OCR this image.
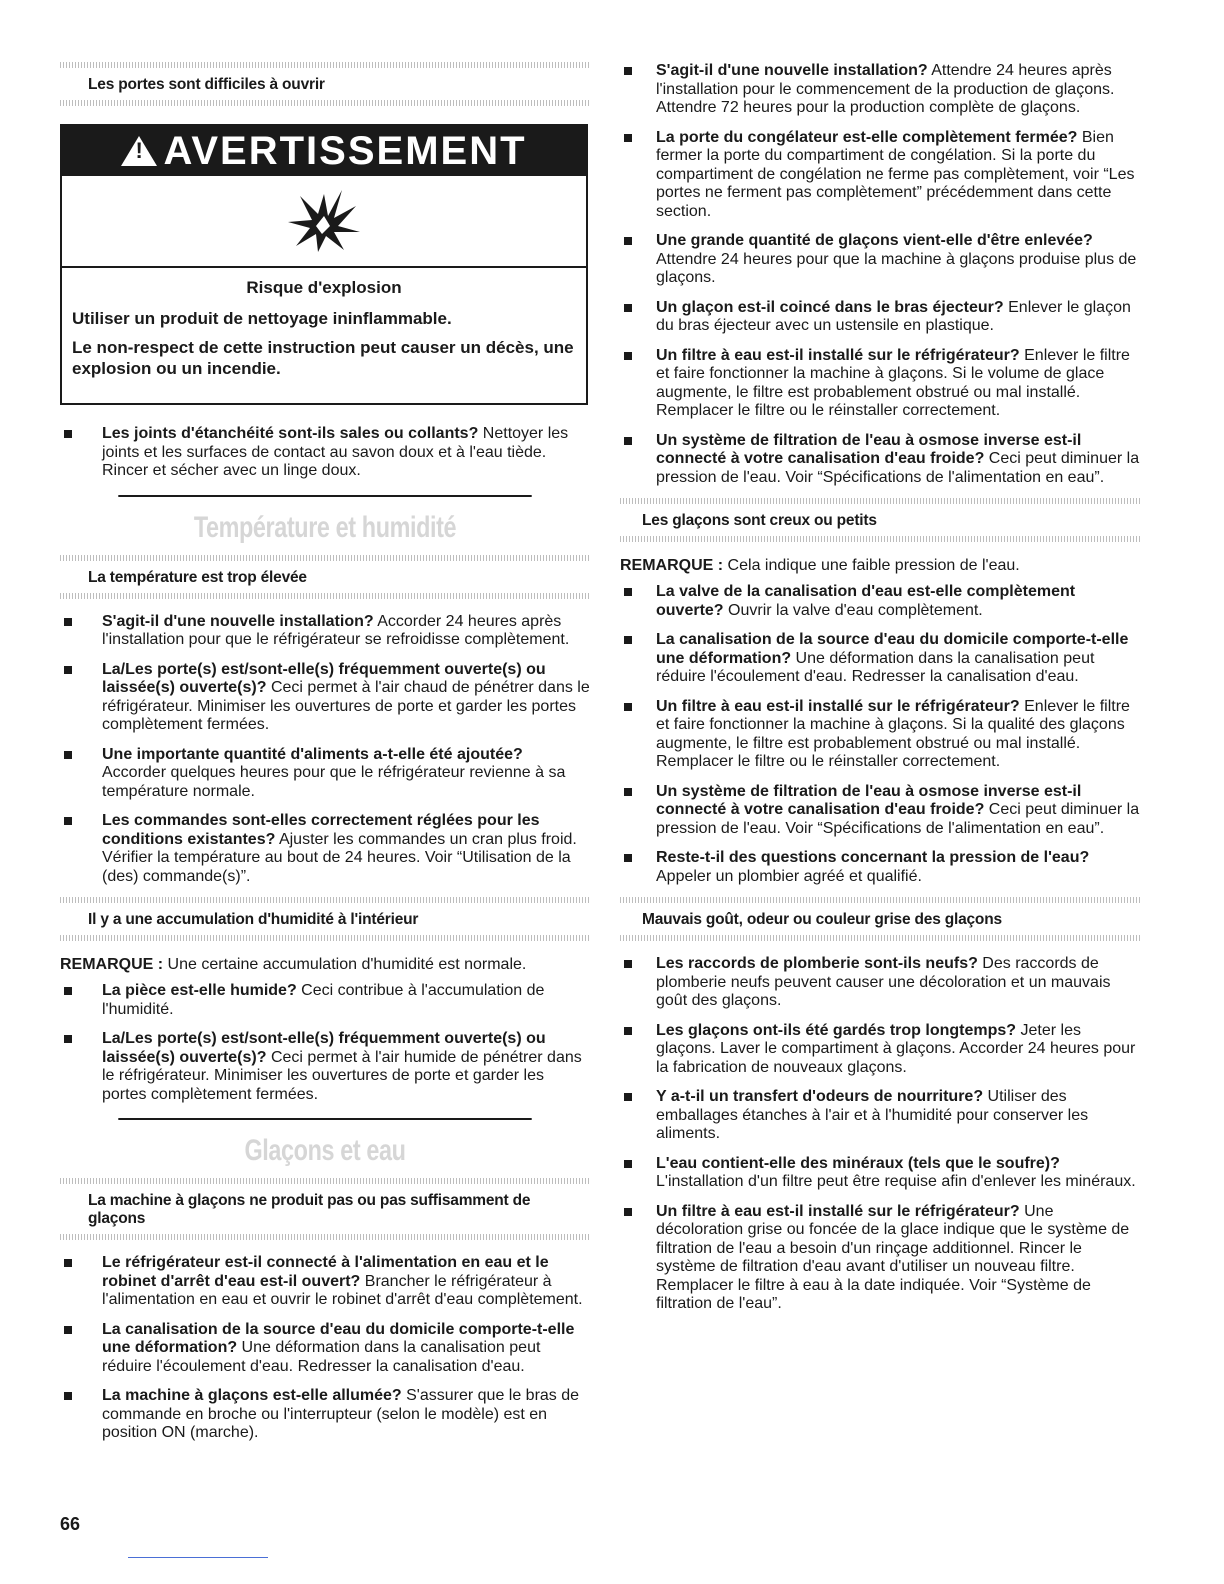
Les portes sont difficiles à ouvrir
!
AVERTISSEMENT
Risque d'explosion
Utiliser un produit de nettoyage ininflammable.
Le non-respect de cette instruction peut causer un décès, une explosion ou un incendie.
Les joints d'étanchéité sont-ils sales ou collants? Nettoyer les joints et les surfaces de contact au savon doux et à l'eau tiède. Rincer et sécher avec un linge doux.
Température et humidité
La température est trop élevée
S'agit-il d'une nouvelle installation? Accorder 24 heures après l'installation pour que le réfrigérateur se refroidisse complètement.
La/Les porte(s) est/sont-elle(s) fréquemment ouverte(s) ou laissée(s) ouverte(s)? Ceci permet à l'air chaud de pénétrer dans le réfrigérateur. Minimiser les ouvertures de porte et garder les portes complètement fermées.
Une importante quantité d'aliments a-t-elle été ajoutée? Accorder quelques heures pour que le réfrigérateur revienne à sa température normale.
Les commandes sont-elles correctement réglées pour les conditions existantes? Ajuster les commandes un cran plus froid. Vérifier la température au bout de 24 heures. Voir “Utilisation de la (des) commande(s)”.
Il y a une accumulation d'humidité à l'intérieur
REMARQUE : Une certaine accumulation d'humidité est normale.
La pièce est-elle humide? Ceci contribue à l'accumulation de l'humidité.
La/Les porte(s) est/sont-elle(s) fréquemment ouverte(s) ou laissée(s) ouverte(s)? Ceci permet à l'air humide de pénétrer dans le réfrigérateur. Minimiser les ouvertures de porte et garder les portes complètement fermées.
Glaçons et eau
La machine à glaçons ne produit pas ou pas suffisamment de glaçons
Le réfrigérateur est-il connecté à l'alimentation en eau et le robinet d'arrêt d'eau est-il ouvert? Brancher le réfrigérateur à l'alimentation en eau et ouvrir le robinet d'arrêt d'eau complètement.
La canalisation de la source d'eau du domicile comporte-t-elle une déformation? Une déformation dans la canalisation peut réduire l'écoulement d'eau. Redresser la canalisation d'eau.
La machine à glaçons est-elle allumée? S'assurer que le bras de commande en broche ou l'interrupteur (selon le modèle) est en position ON (marche).
S'agit-il d'une nouvelle installation? Attendre 24 heures après l'installation pour le commencement de la production de glaçons. Attendre 72 heures pour la production complète de glaçons.
La porte du congélateur est-elle complètement fermée? Bien fermer la porte du compartiment de congélation. Si la porte du compartiment de congélation ne ferme pas complètement, voir “Les portes ne ferment pas complètement” précédemment dans cette section.
Une grande quantité de glaçons vient-elle d'être enlevée? Attendre 24 heures pour que la machine à glaçons produise plus de glaçons.
Un glaçon est-il coincé dans le bras éjecteur? Enlever le glaçon du bras éjecteur avec un ustensile en plastique.
Un filtre à eau est-il installé sur le réfrigérateur? Enlever le filtre et faire fonctionner la machine à glaçons. Si le volume de glace augmente, le filtre est probablement obstrué ou mal installé. Remplacer le filtre ou le réinstaller correctement.
Un système de filtration de l'eau à osmose inverse est-il connecté à votre canalisation d'eau froide? Ceci peut diminuer la pression de l'eau. Voir “Spécifications de l'alimentation en eau”.
Les glaçons sont creux ou petits
REMARQUE : Cela indique une faible pression de l'eau.
La valve de la canalisation d'eau est-elle complètement ouverte? Ouvrir la valve d'eau complètement.
La canalisation de la source d'eau du domicile comporte-t-elle une déformation? Une déformation dans la canalisation peut réduire l'écoulement d'eau. Redresser la canalisation d'eau.
Un filtre à eau est-il installé sur le réfrigérateur? Enlever le filtre et faire fonctionner la machine à glaçons. Si la qualité des glaçons augmente, le filtre est probablement obstrué ou mal installé. Remplacer le filtre ou le réinstaller correctement.
Un système de filtration de l'eau à osmose inverse est-il connecté à votre canalisation d'eau froide? Ceci peut diminuer la pression de l'eau. Voir “Spécifications de l'alimentation en eau”.
Reste-t-il des questions concernant la pression de l'eau? Appeler un plombier agréé et qualifié.
Mauvais goût, odeur ou couleur grise des glaçons
Les raccords de plomberie sont-ils neufs? Des raccords de plomberie neufs peuvent causer une décoloration et un mauvais goût des glaçons.
Les glaçons ont-ils été gardés trop longtemps? Jeter les glaçons. Laver le compartiment à glaçons. Accorder 24 heures pour la fabrication de nouveaux glaçons.
Y a-t-il un transfert d'odeurs de nourriture? Utiliser des emballages étanches à l'air et à l'humidité pour conserver les aliments.
L'eau contient-elle des minéraux (tels que le soufre)? L'installation d'un filtre peut être requise afin d'enlever les minéraux.
Un filtre à eau est-il installé sur le réfrigérateur? Une décoloration grise ou foncée de la glace indique que le système de filtration de l'eau a besoin d'un rinçage additionnel. Rincer le système de filtration d'eau avant d'utiliser un nouveau filtre. Remplacer le filtre à eau à la date indiquée. Voir “Système de filtration de l'eau”.
66
